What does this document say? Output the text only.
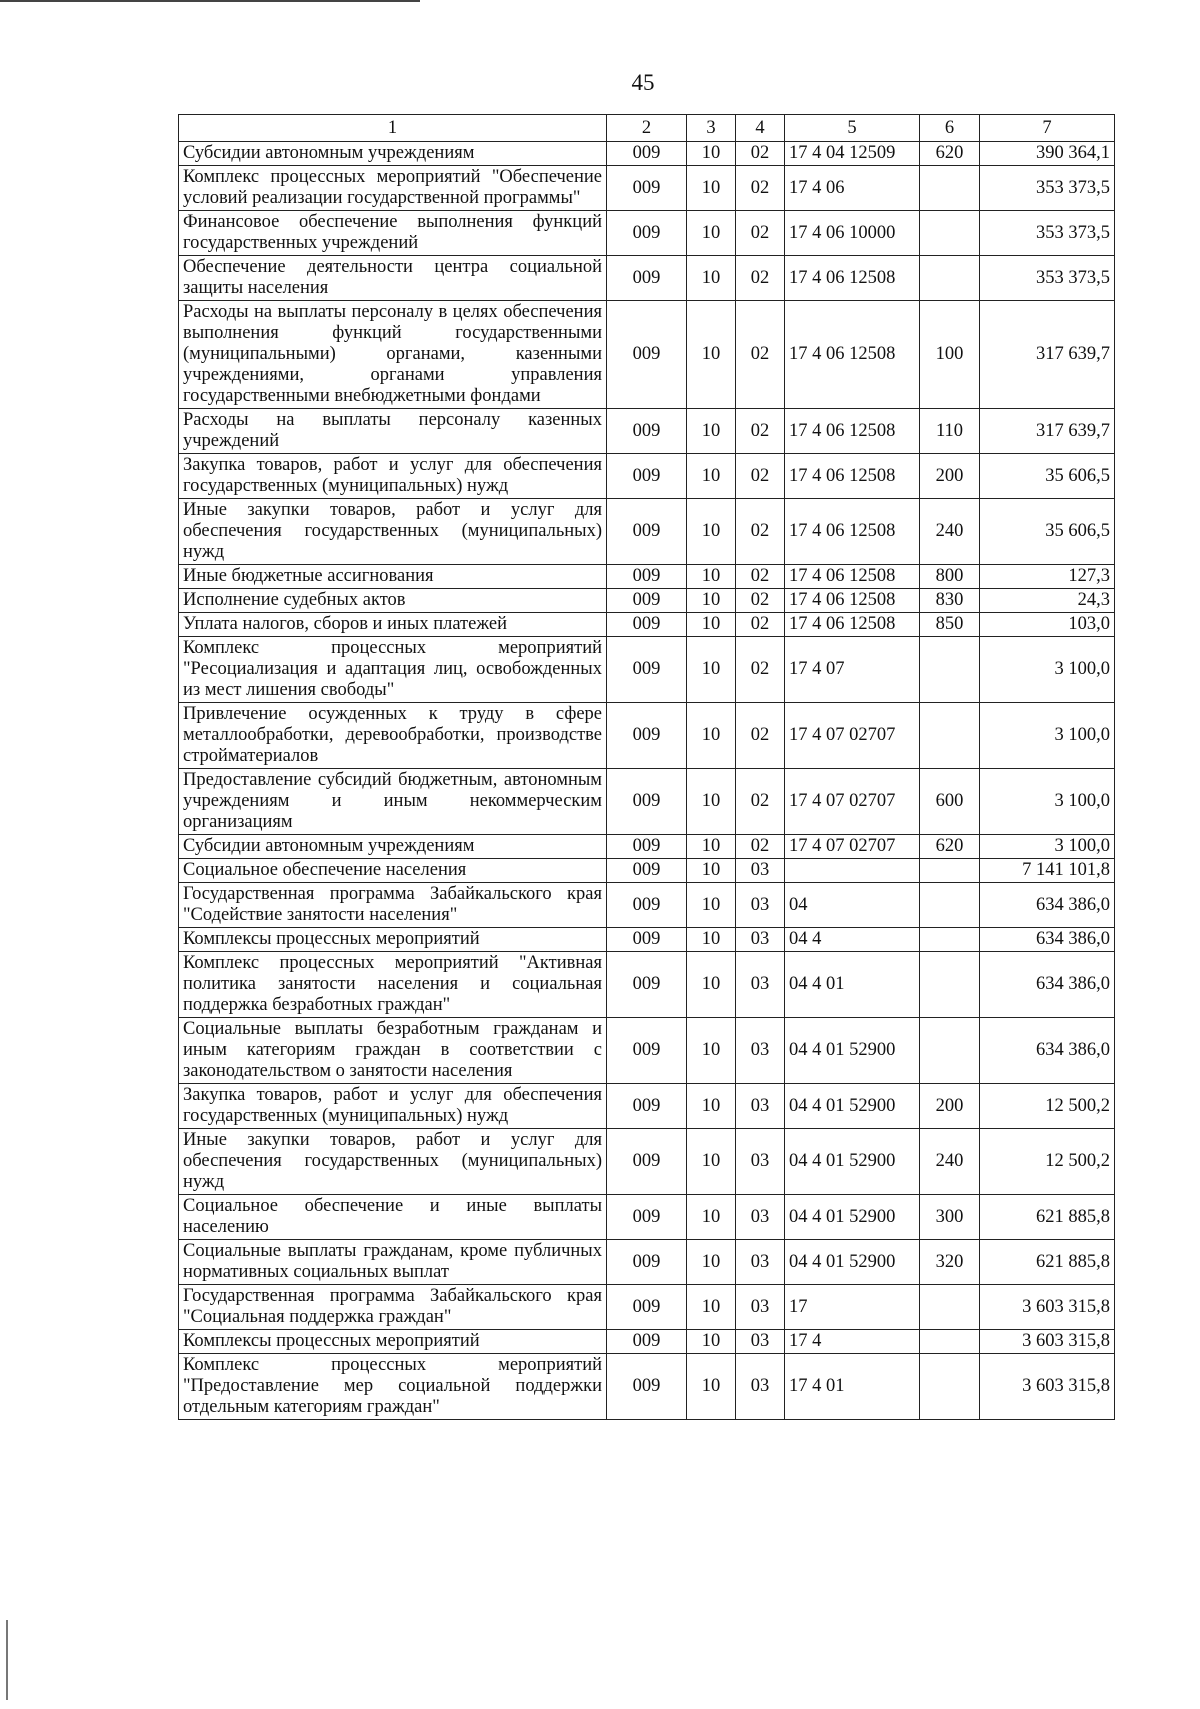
45
1	2	3	4	5	6	7
Субсидии автономным учреждениям	009	10	02	17 4 04 12509	620	390 364,1
Комплекс процессных мероприятий "Обеспечение условий реализации государственной программы"	009	10	02	17 4 06		353 373,5
Финансовое обеспечение выполнения функций государственных учреждений	009	10	02	17 4 06 10000		353 373,5
Обеспечение деятельности центра социальной защиты населения	009	10	02	17 4 06 12508		353 373,5
Расходы на выплаты персоналу в целях обеспечения выполнения функций государственными (муниципальными) органами, казенными учреждениями, органами управления государственными внебюджетными фондами	009	10	02	17 4 06 12508	100	317 639,7
Расходы на выплаты персоналу казенных учреждений	009	10	02	17 4 06 12508	110	317 639,7
Закупка товаров, работ и услуг для обеспечения государственных (муниципальных) нужд	009	10	02	17 4 06 12508	200	35 606,5
Иные закупки товаров, работ и услуг для обеспечения государственных (муниципальных) нужд	009	10	02	17 4 06 12508	240	35 606,5
Иные бюджетные ассигнования	009	10	02	17 4 06 12508	800	127,3
Исполнение судебных актов	009	10	02	17 4 06 12508	830	24,3
Уплата налогов, сборов и иных платежей	009	10	02	17 4 06 12508	850	103,0
Комплекс процессных мероприятий "Ресоциализация и адаптация лиц, освобожденных из мест лишения свободы"	009	10	02	17 4 07		3 100,0
Привлечение осужденных к труду в сфере металлообработки, деревообработки, производстве стройматериалов	009	10	02	17 4 07 02707		3 100,0
Предоставление субсидий бюджетным, автономным учреждениям и иным некоммерческим организациям	009	10	02	17 4 07 02707	600	3 100,0
Субсидии автономным учреждениям	009	10	02	17 4 07 02707	620	3 100,0
Социальное обеспечение населения	009	10	03			7 141 101,8
Государственная программа Забайкальского края "Содействие занятости населения"	009	10	03	04		634 386,0
Комплексы процессных мероприятий	009	10	03	04 4		634 386,0
Комплекс процессных мероприятий "Активная политика занятости населения и социальная поддержка безработных граждан"	009	10	03	04 4 01		634 386,0
Социальные выплаты безработным гражданам и иным категориям граждан в соответствии с законодательством о занятости населения	009	10	03	04 4 01 52900		634 386,0
Закупка товаров, работ и услуг для обеспечения государственных (муниципальных) нужд	009	10	03	04 4 01 52900	200	12 500,2
Иные закупки товаров, работ и услуг для обеспечения государственных (муниципальных) нужд	009	10	03	04 4 01 52900	240	12 500,2
Социальное обеспечение и иные выплаты населению	009	10	03	04 4 01 52900	300	621 885,8
Социальные выплаты гражданам, кроме публичных нормативных социальных выплат	009	10	03	04 4 01 52900	320	621 885,8
Государственная программа Забайкальского края "Социальная поддержка граждан"	009	10	03	17		3 603 315,8
Комплексы процессных мероприятий	009	10	03	17 4		3 603 315,8
Комплекс процессных мероприятий "Предоставление мер социальной поддержки отдельным категориям граждан"	009	10	03	17 4 01		3 603 315,8
